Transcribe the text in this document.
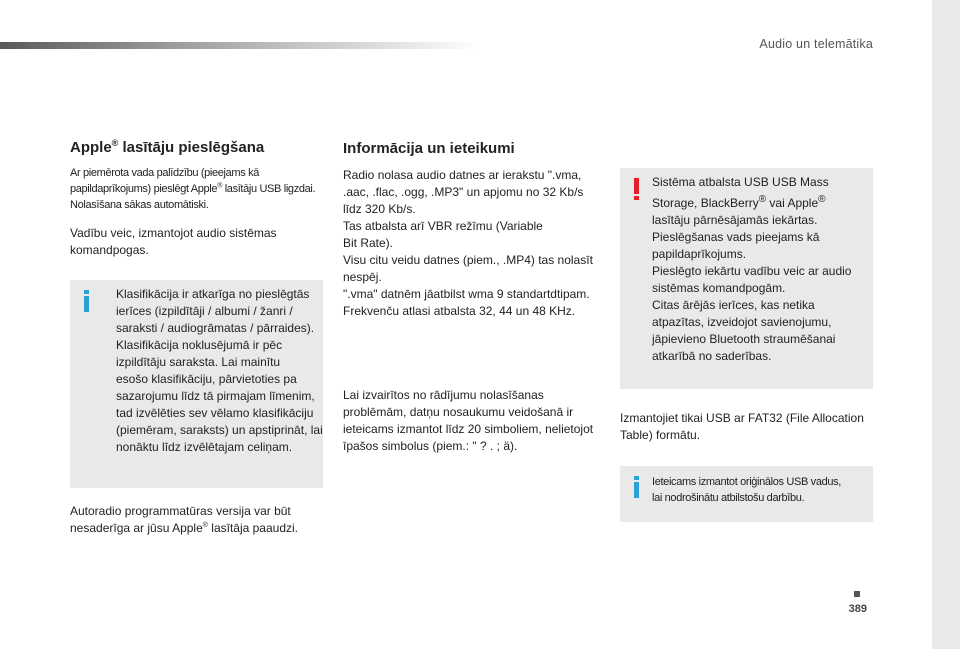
Audio un telemātika
Apple® lasītāju pieslēgšana
Ar piemērota vada palīdzību (pieejams kā
papildaprīkojums) pieslēgt Apple® lasītāju USB ligzdai.
Nolasīšana sākas automātiski.
Vadību veic, izmantojot audio sistēmas
komandpogas.
Klasifikācija ir atkarīga no pieslēgtās
ierīces (izpildītāji / albumi / žanri /
saraksti / audiogrāmatas / pārraides).
Klasifikācija noklusējumā ir pēc
izpildītāju saraksta. Lai mainītu
esošo klasifikāciju, pārvietoties pa
sazarojumu līdz tā pirmajam līmenim,
tad izvēlēties sev vēlamo klasifikāciju
(piemēram, saraksts) un apstiprināt, lai
nonāktu līdz izvēlētajam celiņam.
Autoradio programmatūras versija var būt
nesaderīga ar jūsu Apple® lasītāja paaudzi.
Informācija un ieteikumi
Radio nolasa audio datnes ar ierakstu ".vma,
.aac, .flac, .ogg, .MP3" un apjomu no 32 Kb/s
līdz 320 Kb/s.
Tas atbalsta arī VBR režīmu (Variable
Bit Rate).
Visu citu veidu datnes (piem., .MP4) tas nolasīt
nespēj.
".vma" datnēm jāatbilst wma 9 standartdtipam.
Frekvenču atlasi atbalsta 32, 44 un 48 KHz.
Lai izvairītos no rādījumu nolasīšanas
problēmām, datņu nosaukumu veidošanā ir
ieteicams izmantot līdz 20 simboliem, nelietojot
īpašos simbolus (piem.: " ? . ; ä).
Sistēma atbalsta USB USB Mass
Storage, BlackBerry® vai Apple®
lasītāju pārnēsājamās iekārtas.
Pieslēgšanas vads pieejams kā
papildaprīkojums.
Pieslēgto iekārtu vadību veic ar audio
sistēmas komandpogām.
Citas ārējās ierīces, kas netika
atpazītas, izveidojot savienojumu,
jāpievieno Bluetooth straumēšanai
atkarībā no saderības.
Izmantojiet tikai USB ar FAT32 (File Allocation
Table) formātu.
Ieteicams izmantot oriģinālos USB vadus,
lai nodrošinātu atbilstošu darbību.
389
